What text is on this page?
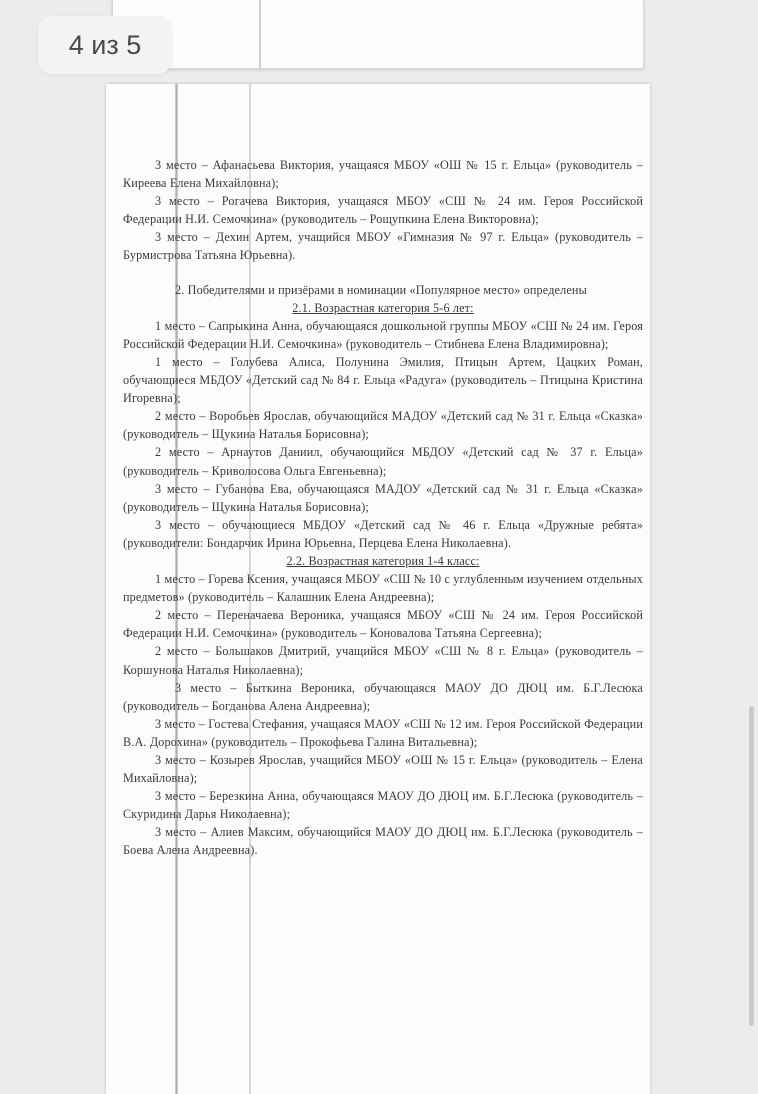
4 из 5

3 место – Афанасьева Виктория, учащаяся МБОУ «ОШ № 15 г. Ельца» (руководитель – Киреева Елена Михайловна);

3 место – Рогачева Виктория, учащаяся МБОУ «СШ № 24 им. Героя Российской Федерации Н.И. Семочкина» (руководитель – Рощупкина Елена Викторовна);

3 место – Дехин Артем, учащийся МБОУ «Гимназия № 97 г. Ельца» (руководитель – Бурмистрова Татьяна Юрьевна).

2. Победителями и призёрами в номинации «Популярное место» определены

2.1. Возрастная категория 5-6 лет:

1 место – Сапрыкина Анна, обучающаяся дошкольной группы МБОУ «СШ № 24 им. Героя Российской Федерации Н.И. Семочкина» (руководитель – Стибнева Елена Владимировна);

1 место – Голубева Алиса, Полунина Эмилия, Птицын Артем, Цацких Роман, обучающиеся МБДОУ «Детский сад № 84 г. Ельца «Радуга» (руководитель – Птицына Кристина Игоревна);

2 место – Воробьев Ярослав, обучающийся МАДОУ «Детский сад № 31 г. Ельца «Сказка» (руководитель – Щукина Наталья Борисовна);

2 место – Арнаутов Даниил, обучающийся МБДОУ «Детский сад № 37 г. Ельца» (руководитель – Криволосова Ольга Евгеньевна);

3 место – Губанова Ева, обучающаяся МАДОУ «Детский сад № 31 г. Ельца «Сказка» (руководитель – Щукина Наталья Борисовна);

3 место – обучающиеся МБДОУ «Детский сад № 46 г. Ельца «Дружные ребята» (руководители: Бондарчик Ирина Юрьевна, Перцева Елена Николаевна).

2.2. Возрастная категория 1-4 класс:

1 место – Горева Ксения, учащаяся МБОУ «СШ № 10 с углубленным изучением отдельных предметов» (руководитель – Калашник Елена Андреевна);

2 место – Переначаева Вероника, учащаяся МБОУ «СШ № 24 им. Героя Российской Федерации Н.И. Семочкина» (руководитель – Коновалова Татьяна Сергеевна);

2 место – Большаков Дмитрий, учащийся МБОУ «СШ № 8 г. Ельца» (руководитель – Коршунова Наталья Николаевна);

3 место – Быткина Вероника, обучающаяся МАОУ ДО ДЮЦ им. Б.Г.Лесюка (руководитель – Богданова Алена Андреевна);

3 место – Гостева Стефания, учащаяся МАОУ «СШ № 12 им. Героя Российской Федерации В.А. Дорохина» (руководитель – Прокофьева Галина Витальевна);

3 место – Козырев Ярослав, учащийся МБОУ «ОШ № 15 г. Ельца» (руководитель – Елена Михайловна);

3 место – Березкина Анна, обучающаяся МАОУ ДО ДЮЦ им. Б.Г.Лесюка (руководитель – Скуридина Дарья Николаевна);

3 место – Алиев Максим, обучающийся МАОУ ДО ДЮЦ им. Б.Г.Лесюка (руководитель – Боева Алена Андреевна).
